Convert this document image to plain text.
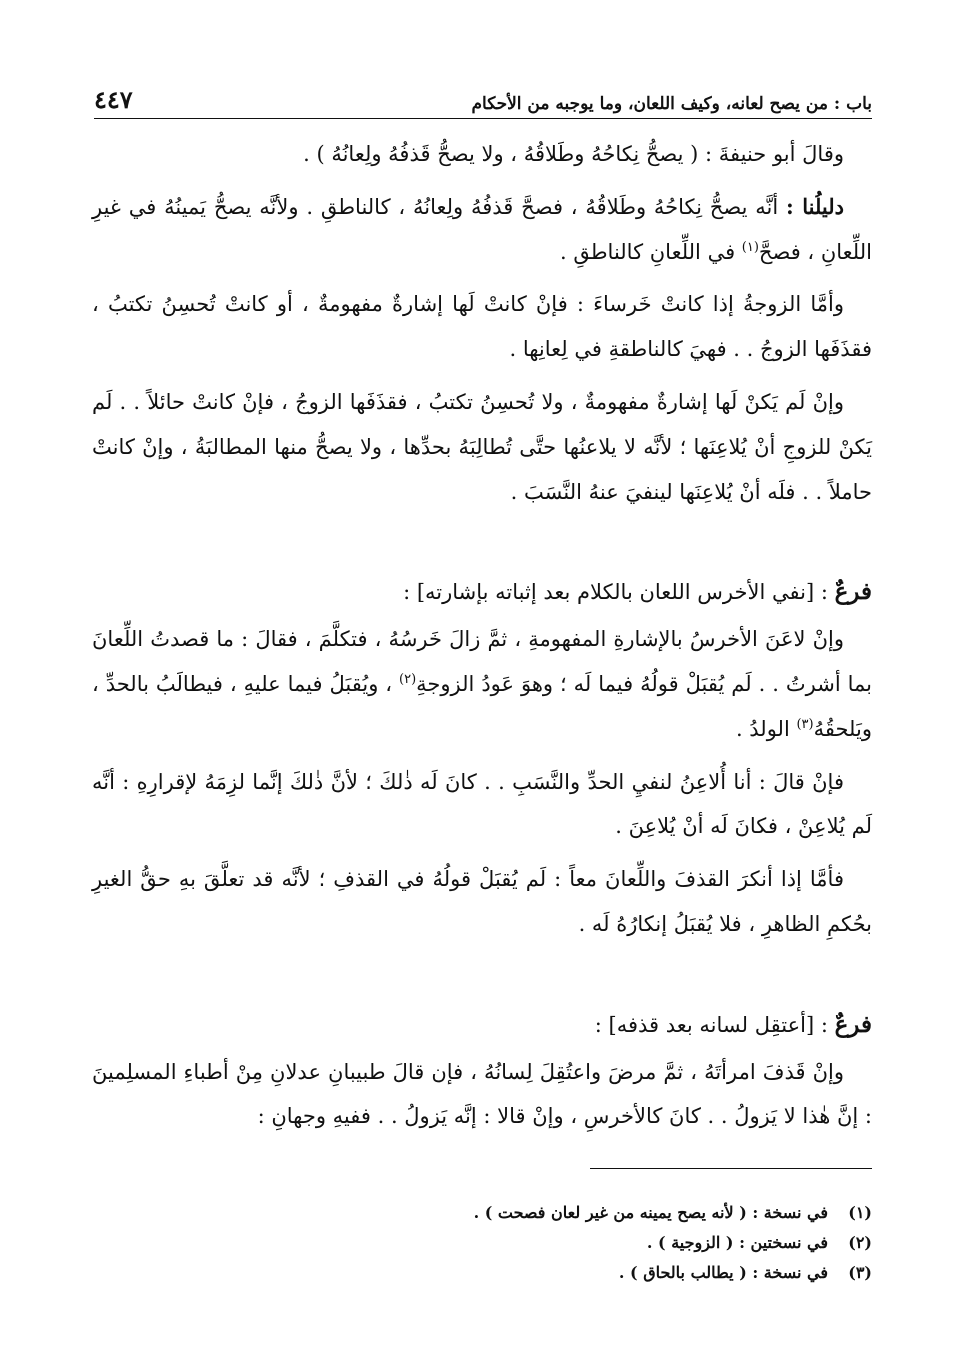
باب : من يصح لعانه، وكيف اللعان، وما يوجبه من الأحكام
٤٤٧

وقالَ أبو حنيفةَ : ( يصحُّ نِكاحُهُ وطَلاقُهُ ، ولا يصحُّ قَذفُهُ ولِعانُهُ ) .

دليلُنا : أنَّه يصحُّ نِكاحُهُ وطَلاقُهُ ، فصحَّ قَذفُهُ ولِعانُهُ ، كالناطقِ . ولأنَّه يصحُّ يَمينُهُ في غيرِ اللِّعانِ ، فصحَّ$^{(١)}$ في اللِّعانِ كالناطقِ .

وأمَّا الزوجةُ إذا كانتْ خَرساءَ : فإنْ كانتْ لَها إشارةٌ مفهومةٌ ، أو كانتْ تُحسِنُ تكتبُ ، فقذَفَها الزوجُ . . فهيَ كالناطقةِ في لِعانِها .

وإنْ لَم يَكنْ لَها إشارةٌ مفهومةٌ ، ولا تُحسِنُ تكتبُ ، فقذَفَها الزوجُ ، فإنْ كانتْ حائلاً . . لَم يَكنْ للزوجِ أنْ يُلاعِنَها ؛ لأنَّه لا يلاعنُها حتَّى تُطالِبَهُ بحدِّها ، ولا يصحُّ منها المطالبَةُ ، وإنْ كانتْ حاملاً . . فلَه أنْ يُلاعِنَها لينفيَ عنهُ النَّسَبَ .

فرعٌ : [نفي الأخرس اللعان بالكلام بعد إثباته بإشارته] :

وإنْ لاعَنَ الأخرسُ بالإشارةِ المفهومةِ ، ثمَّ زالَ خَرسُهُ ، فتكلَّمَ ، فقالَ : ما قصدتُ اللِّعانَ بما أشرتُ . . لَم يُقبَلْ قولُهُ فيما لَه ؛ وهوَ عَودُ الزوجةِ$^{(٢)}$ ، ويُقبَلُ فيما عليهِ ، فيطالَبُ بالحدِّ ، ويَلحقُهُ$^{(٣)}$ الولدُ .

فإنْ قالَ : أنا أُلاعِنُ لنفيِ الحدِّ والنَّسَبِ . . كانَ لَه ذٰلكَ ؛ لأنَّ ذٰلكَ إنَّما لزِمَهُ لإقرارِهِ : أنَّه لَم يُلاعِنْ ، فكانَ لَه أنْ يُلاعِنَ .

فأمَّا إذا أنكرَ القذفَ واللِّعانَ معاً : لَم يُقبَلْ قولُهُ في القذفِ ؛ لأنَّه قد تعلَّقَ بهِ حقُّ الغيرِ بحُكمِ الظاهرِ ، فلا يُقبَلُ إنكارُهُ لَه .

فرعٌ : [أعتقِل لسانه بعد قذفه] :

وإنْ قَذفَ امرأتَهُ ، ثمَّ مرضَ واعتُقِلَ لِسانُهُ ، فإن قالَ طبيبانِ عدلانِ مِنْ أطباءِ المسلِمينَ : إنَّ هٰذا لا يَزولُ . . كانَ كالأخرسِ ، وإنْ قالا : إنَّه يَزولُ . . ففيهِ وجهانِ :

(١)
في نسخة : ( لأنه يصح يمينه من غير لعان فصحت ) .
(٢)
في نسختين : ( الزوجية ) .
(٣)
في نسخة : ( يطالب بالحاق ) .
